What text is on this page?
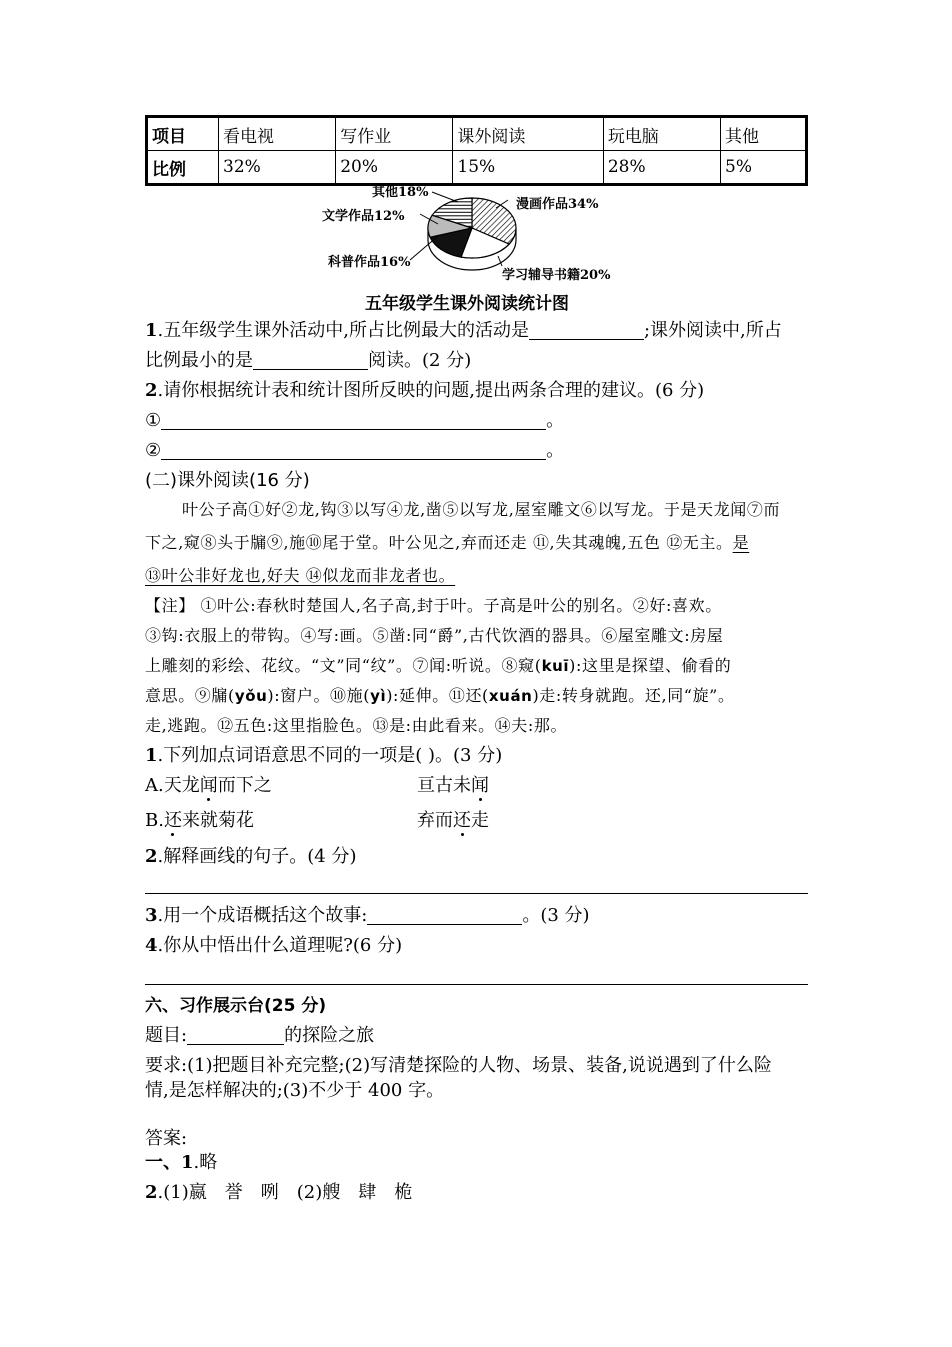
项目	看电视	写作业	课外阅读	玩电脑	其他
比例	32%	20%	15%	28%	5%
其他18%
文学作品12%
漫画作品34%
科普作品16%
学习辅导书籍20%
五年级学生课外阅读统计图
1.五年级学生课外活动中,所占比例最大的活动是	;课外阅读中,所占
比例最小的是	阅读。(2 分)
2.请你根据统计表和统计图所反映的问题,提出两条合理的建议。(6 分)
①	。
②	。
(二)课外阅读(16 分)
叶公子高①好②龙,钩③以写④龙,凿⑤以写龙,屋室雕文⑥以写龙。于是天龙闻⑦而
下之,窥⑧头于牖⑨,施⑩尾于堂。叶公见之,弃而还走 ⑪,失其魂魄,五色 ⑫无主。是
⑬叶公非好龙也,好夫 ⑭似龙而非龙者也。
【注】 ①叶公:春秋时楚国人,名子高,封于叶。子高是叶公的别名。②好:喜欢。
③钩:衣服上的带钩。④写:画。⑤凿:同“爵”,古代饮酒的器具。⑥屋室雕文:房屋
上雕刻的彩绘、花纹。“文”同“纹”。⑦闻:听说。⑧窥(kuī):这里是探望、偷看的
意思。⑨牖(yǒu):窗户。⑩施(yì):延伸。⑪还(xuán)走:转身就跑。还,同“旋”。
走,逃跑。⑫五色:这里指脸色。⑬是:由此看来。⑭夫:那。
1.下列加点词语意思不同的一项是( )。(3 分)
A.天龙闻而下之	亘古未闻
B.还来就菊花	弃而还走
2.解释画线的句子。(4 分)
3.用一个成语概括这个故事:	。(3 分)
4.你从中悟出什么道理呢?(6 分)
六、习作展示台(25 分)
题目:	的探险之旅
要求:(1)把题目补充完整;(2)写清楚探险的人物、场景、装备,说说遇到了什么险
情,是怎样解决的;(3)不少于 400 字。
答案:
一、1.略
2.(1)嬴　誉　咧　(2)艘　肆　桅
